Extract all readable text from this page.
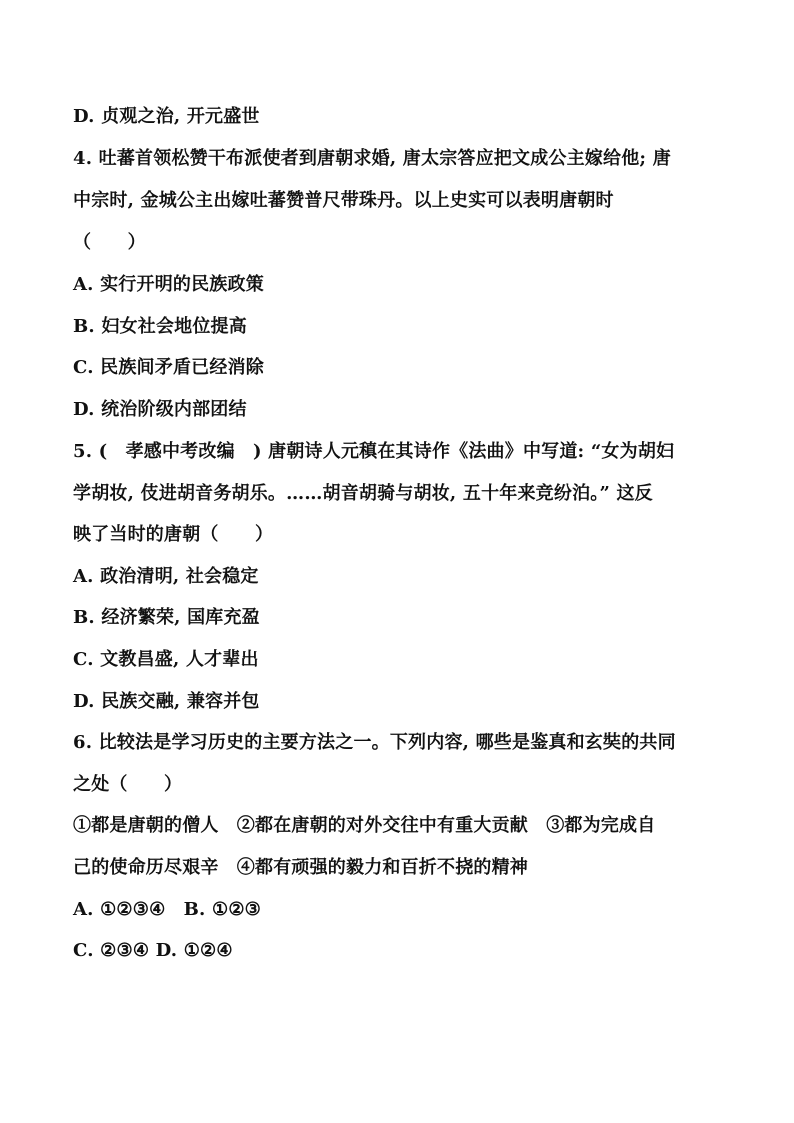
D. 贞观之治, 开元盛世
4. 吐蕃首领松赞干布派使者到唐朝求婚, 唐太宗答应把文成公主嫁给他; 唐
中宗时, 金城公主出嫁吐蕃赞普尺带珠丹。以上史实可以表明唐朝时
（　　）
A. 实行开明的民族政策
B. 妇女社会地位提高
C. 民族间矛盾已经消除
D. 统治阶级内部团结
5. (　孝感中考改编　) 唐朝诗人元稹在其诗作《法曲》中写道: “女为胡妇
学胡妆, 伎进胡音务胡乐。……胡音胡骑与胡妆, 五十年来竞纷泊。” 这反
映了当时的唐朝（　　）
A. 政治清明, 社会稳定
B. 经济繁荣, 国库充盈
C. 文教昌盛, 人才辈出
D. 民族交融, 兼容并包
6. 比较法是学习历史的主要方法之一。下列内容, 哪些是鉴真和玄奘的共同
之处（　　）
①都是唐朝的僧人　②都在唐朝的对外交往中有重大贡献　③都为完成自
己的使命历尽艰辛　④都有顽强的毅力和百折不挠的精神
A. ①②③④　B. ①②③
C. ②③④ D. ①②④
